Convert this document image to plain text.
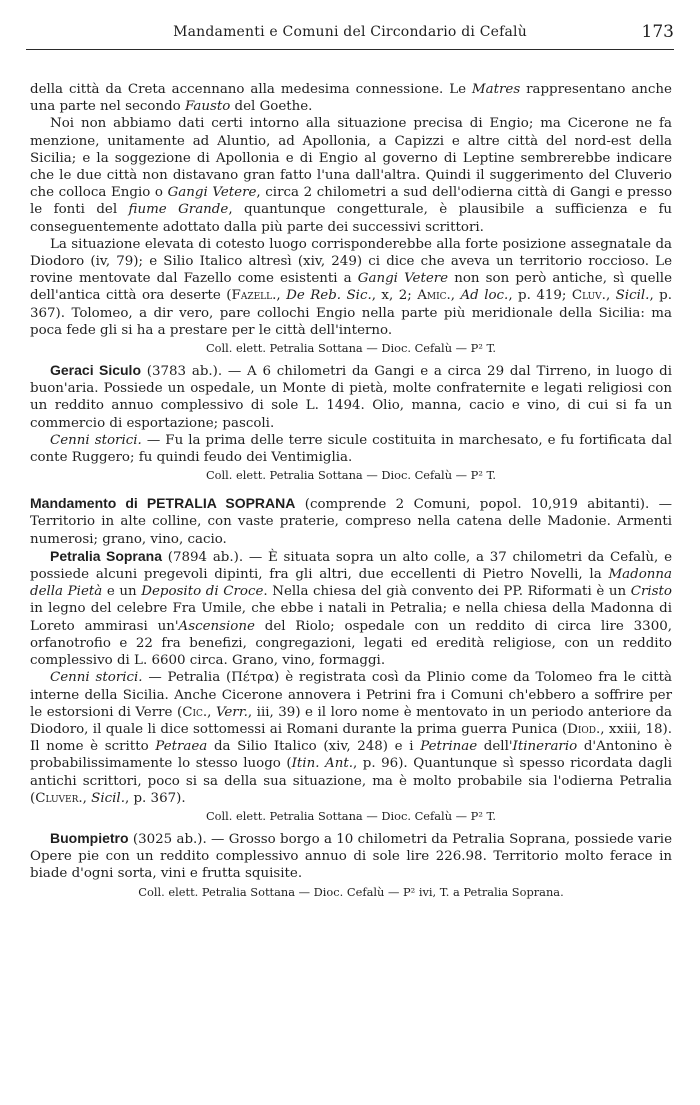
Mandamenti e Comuni del Circondario di Cefalù	173

della città da Creta accennano alla medesima connessione. Le Matres rappresentano anche una parte nel secondo Fausto del Goethe.

Noi non abbiamo dati certi intorno alla situazione precisa di Engio; ma Cicerone ne fa menzione, unitamente ad Aluntio, ad Apollonia, a Capizzi e altre città del nord-est della Sicilia; e la soggezione di Apollonia e di Engio al governo di Leptine sembrerebbe indicare che le due città non distavano gran fatto l'una dall'altra. Quindi il suggerimento del Cluverio che colloca Engio o Gangi Vetere, circa 2 chilometri a sud dell'odierna città di Gangi e presso le fonti del fiume Grande, quantunque congetturale, è plausibile a sufficienza e fu conseguentemente adottato dalla più parte dei successivi scrittori.

La situazione elevata di cotesto luogo corrisponderebbe alla forte posizione assegnatale da Diodoro (iv, 79); e Silio Italico altresì (xiv, 249) ci dice che aveva un territorio roccioso. Le rovine mentovate dal Fazello come esistenti a Gangi Vetere non son però antiche, sì quelle dell'antica città ora deserte (Fazell., De Reb. Sic., x, 2; Amic., Ad loc., p. 419; Cluv., Sicil., p. 367). Tolomeo, a dir vero, pare collochi Engio nella parte più meridionale della Sicilia: ma poca fede gli si ha a prestare per le città dell'interno.

Coll. elett. Petralia Sottana — Dioc. Cefalù — P² T.

Geraci Siculo (3783 ab.). — A 6 chilometri da Gangi e a circa 29 dal Tirreno, in luogo di buon'aria. Possiede un ospedale, un Monte di pietà, molte confraternite e legati religiosi con un reddito annuo complessivo di sole L. 1494. Olio, manna, cacio e vino, di cui si fa un commercio di esportazione; pascoli.

Cenni storici. — Fu la prima delle terre sicule costituita in marchesato, e fu fortificata dal conte Ruggero; fu quindi feudo dei Ventimiglia.

Coll. elett. Petralia Sottana — Dioc. Cefalù — P² T.

Mandamento di PETRALIA SOPRANA (comprende 2 Comuni, popol. 10,919 abitanti). — Territorio in alte colline, con vaste praterie, compreso nella catena delle Madonie. Armenti numerosi; grano, vino, cacio.

Petralia Soprana (7894 ab.). — È situata sopra un alto colle, a 37 chilometri da Cefalù, e possiede alcuni pregevoli dipinti, fra gli altri, due eccellenti di Pietro Novelli, la Madonna della Pietà e un Deposito di Croce. Nella chiesa del già convento dei PP. Riformati è un Cristo in legno del celebre Fra Umile, che ebbe i natali in Petralia; e nella chiesa della Madonna di Loreto ammirasi un'Ascensione del Riolo; ospedale con un reddito di circa lire 3300, orfanotrofio e 22 fra benefizi, congregazioni, legati ed eredità religiose, con un reddito complessivo di L. 6600 circa. Grano, vino, formaggi.

Cenni storici. — Petralia (Πέτρα) è registrata così da Plinio come da Tolomeo fra le città interne della Sicilia. Anche Cicerone annovera i Petrini fra i Comuni ch'ebbero a soffrire per le estorsioni di Verre (Cic., Verr., iii, 39) e il loro nome è mentovato in un periodo anteriore da Diodoro, il quale li dice sottomessi ai Romani durante la prima guerra Punica (Diod., xxiii, 18). Il nome è scritto Petraea da Silio Italico (xiv, 248) e i Petrinae dell'Itinerario d'Antonino è probabilissimamente lo stesso luogo (Itin. Ant., p. 96). Quantunque sì spesso ricordata dagli antichi scrittori, poco si sa della sua situazione, ma è molto probabile sia l'odierna Petralia (Cluver., Sicil., p. 367).

Coll. elett. Petralia Sottana — Dioc. Cefalù — P² T.

Buompietro (3025 ab.). — Grosso borgo a 10 chilometri da Petralia Soprana, possiede varie Opere pie con un reddito complessivo annuo di sole lire 226.98. Territorio molto ferace in biade d'ogni sorta, vini e frutta squisite.

Coll. elett. Petralia Sottana — Dioc. Cefalù — P² ivi, T. a Petralia Soprana.
